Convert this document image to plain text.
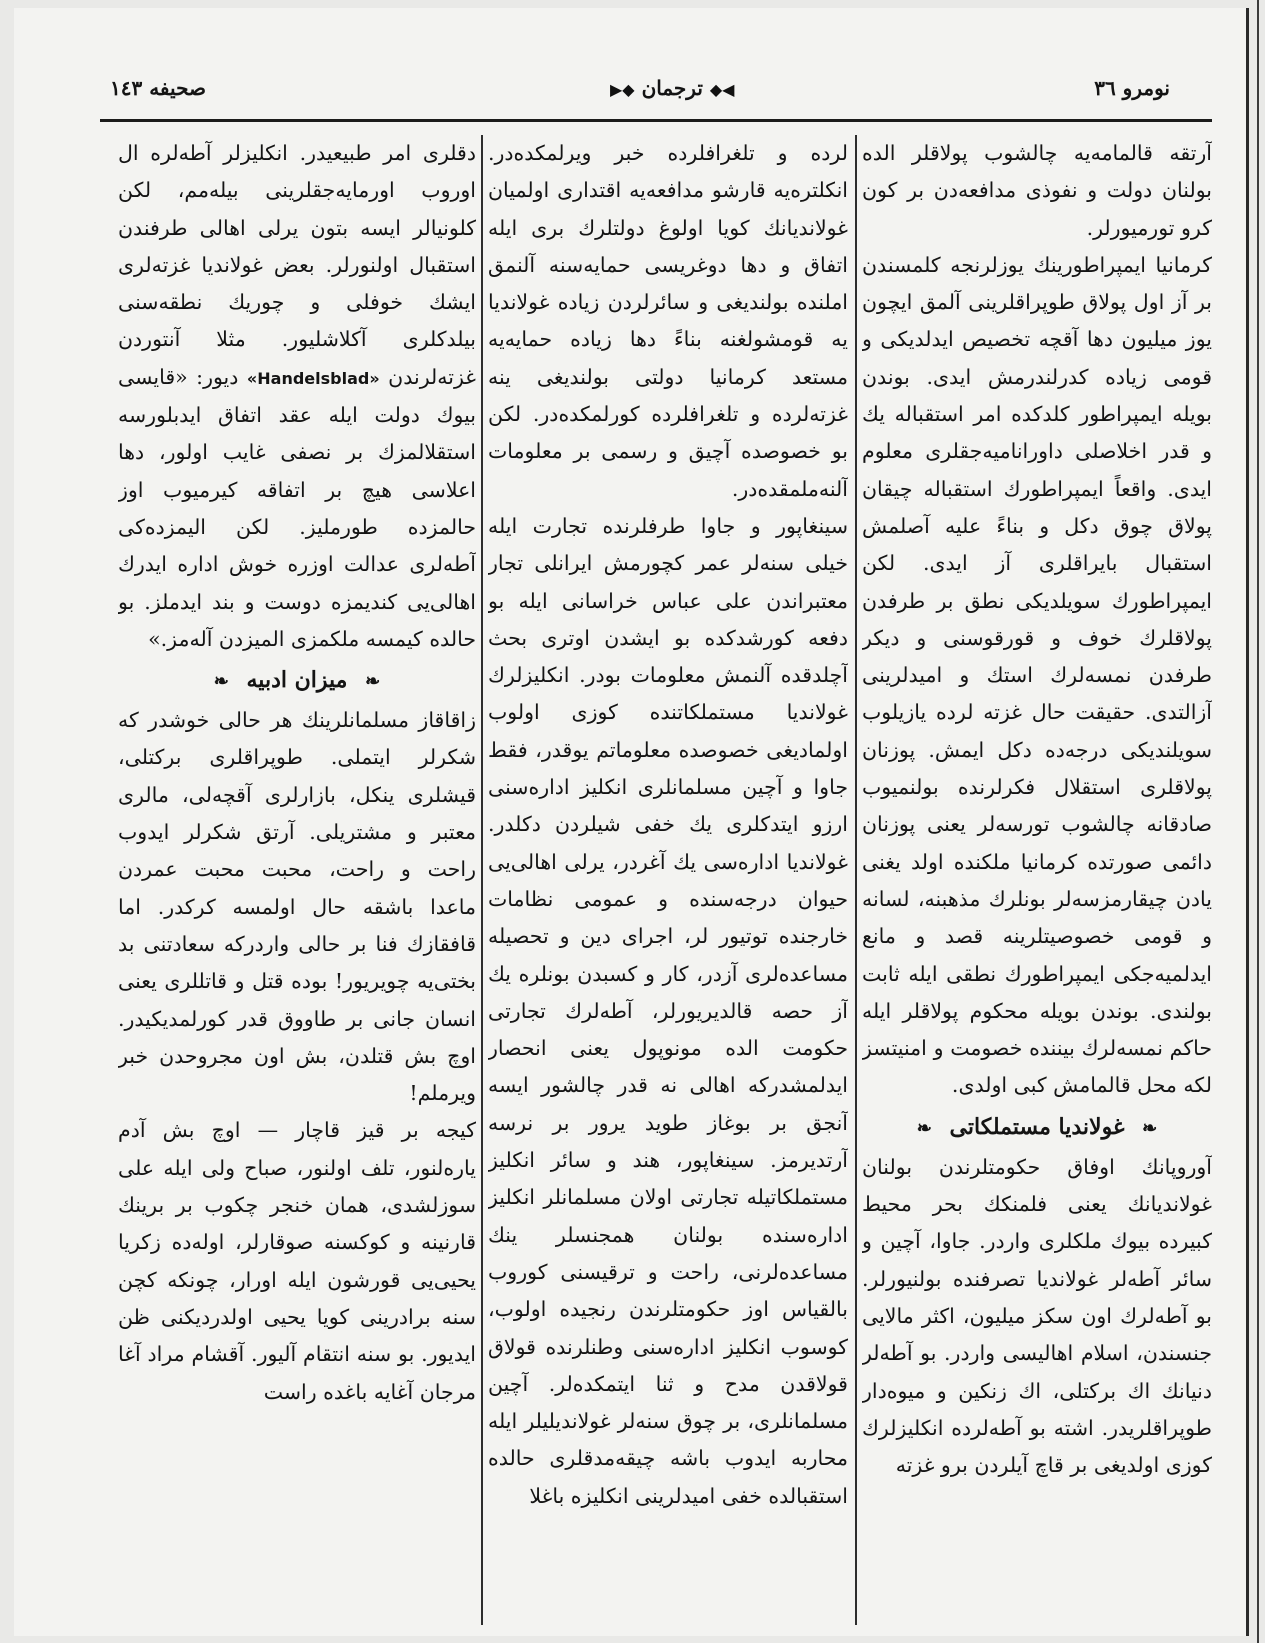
صحيفه ١٤٣	◀◆ ترجمان ◆▶	نومرو ٣٦

آرتقه قالمامه‌يه چالشوب پولاقلر الده بولنان دولت و نفوذى مدافعه‌دن بر كون كرو تورميورلر.

كرمانيا ايمپراطورينك يوزلرنجه كلمسندن بر آز اول پولاق طوپراقلرينى آلمق ايچون يوز ميليون دها آقچه تخصيص ايدلديكى و قومى زياده كدرلندرمش ايدى. بوندن بويله ايمپراطور كلدكده امر استقباله يك و قدر اخلاصلى داوراناميه‌جقلرى معلوم ايدى. واقعاً ايمپراطورك استقباله چيقان پولاق چوق دكل و بناءً عليه آصلمش استقبال بايراقلرى آز ايدى. لكن ايمپراطورك سويلديكى نطق بر طرفدن پولاقلرك خوف و قورقوسنى و ديكر طرفدن نمسه‌لرك استك و اميدلرينى آزالتدى. حقيقت حال غزته لرده يازيلوب سويلنديكى درجه‌ده دكل ايمش. پوزنان پولاقلرى استقلال فكرلرنده بولنميوب صادقانه چالشوب تورسه‌لر يعنى پوزنان دائمى صورتده كرمانيا ملكنده اولد يغنى يادن چيقارمزسه‌لر بونلرك مذهبنه، لسانه و قومى خصوصيتلرينه قصد و مانع ايدلميه‌جكى ايمپراطورك نطقى ايله ثابت بولندى. بوندن بويله محكوم پولاقلر ايله حاكم نمسه‌لرك بيننده خصومت و امنيتسز لكه محل قالمامش كبى اولدى.

❧ غولانديا مستملكاتى ❧

آوروپانك اوفاق حكومتلرندن بولنان غولانديانك يعنى فلمنكك بحر محيط كبيرده بيوك ملكلرى واردر. جاوا، آچين و سائر آطه‌لر غولانديا تصرفنده بولنيورلر. بو آطه‌لرك اون سكز ميليون، اكثر مالايى جنسندن، اسلام اهاليسى واردر. بو آطه‌لر دنيانك اك بركتلى، اك زنكين و ميوه‌دار طوپراقلريدر. اشته بو آطه‌لرده انكليزلرك كوزى اولديغى بر قاچ آيلردن برو غزته

لرده و تلغرافلرده خبر ويرلمكده‌در. انكلتره‌يه قارشو مدافعه‌يه اقتدارى اولميان غولانديانك كويا اولوغ دولتلرك برى ايله اتفاق و دها دوغريسى حمايه‌سنه آلنمق املنده بولنديغى و سائرلردن زياده غولانديا يه قومشولغنه بناءً دها زياده حمايه‌يه مستعد كرمانيا دولتى بولنديغى ينه غزته‌لرده و تلغرافلرده كورلمكده‌در. لكن بو خصوصده آچيق و رسمى بر معلومات آلنه‌ملمقده‌در.

سينغاپور و جاوا طرفلرنده تجارت ايله خيلى سنه‌لر عمر كچورمش ايرانلى تجار معتبراندن على عباس خراسانى ايله بو دفعه كورشدكده بو ايشدن اوترى بحث آچلدقده آلنمش معلومات بودر. انكليزلرك غولانديا مستملكاتنده كوزى اولوب اولماديغى خصوصده معلوماتم يوقدر، فقط جاوا و آچين مسلمانلرى انكليز اداره‌سنى ارزو ايتدكلرى يك خفى شيلردن دكلدر. غولانديا اداره‌سى يك آغردر، يرلى اهالى‌يى حيوان درجه‌سنده و عمومى نظامات خارجنده توتيور لر، اجراى دين و تحصيله مساعده‌لرى آزدر، كار و كسبدن بونلره يك آز حصه قالديريورلر، آطه‌لرك تجارتى حكومت الده مونوپول يعنى انحصار ايدلمشدركه اهالى نه قدر چالشور ايسه آنجق بر بوغاز طويد يرور بر نرسه آرتديرمز. سينغاپور، هند و سائر انكليز مستملكاتيله تجارتى اولان مسلمانلر انكليز اداره‌سنده بولنان همجنسلر ينك مساعده‌لرنى، راحت و ترقيسنى كوروب بالقياس اوز حكومتلرندن رنجيده اولوب، كوسوب انكليز اداره‌سنى وطنلرنده قولاق قولاقدن مدح و ثنا ايتمكده‌لر. آچين مسلمانلرى، بر چوق سنه‌لر غولانديليلر ايله محاربه ايدوب باشه چيقه‌مدقلرى حالده استقبالده خفى اميدلرينى انكليزه باغلا

دقلرى امر طبيعيدر. انكليزلر آطه‌لره ال اوروب اورمايه‌جقلرينى بيله‌مم، لكن كلونيالر ايسه بتون يرلى اهالى طرفندن استقبال اولنورلر. بعض غولانديا غزته‌لرى ايشك خوفلى و چوريك نطقه‌سنى بيلدكلرى آكلاشليور. مثلا آنتوردن غزته‌لرندن «Handelsblad» ديور: «قايسى بيوك دولت ايله عقد اتفاق ايدبلورسه استقلالمزك بر نصفى غايب اولور، دها اعلاسى هيچ بر اتفاقه كيرميوب اوز حالمزده طورمليز. لكن اليمزده‌كى آطه‌لرى عدالت اوزره خوش اداره ايدرك اهالى‌يى كنديمزه دوست و بند ايدملز. بو حالده كيمسه ملكمزى الميزدن آله‌مز.»

❧ ميزان ادبيه ❧

زاقاقاز مسلمانلرينك هر حالى خوشدر كه شكرلر ايتملى. طوپراقلرى بركتلى، قيشلرى ينكل، بازارلرى آقچه‌لى، مالرى معتبر و مشتريلى. آرتق شكرلر ايدوب راحت و راحت، محبت محبت عمردن ماعدا باشقه حال اولمسه كركدر. اما قافقازك فنا بر حالى واردركه سعادتنى بد بختى‌يه چويريور! بوده قتل و قاتللرى يعنى انسان جانى بر طاووق قدر كورلمديكيدر. اوچ بش قتلدن، بش اون مجروحدن خبر ويرملم!

كيجه بر قيز قاچار — اوچ بش آدم يارەلنور، تلف اولنور، صباح ولى ايله على سوزلشدى، همان خنجر چكوب بر برينك قارنينه و كوكسنه صوقارلر، اولەده زكريا يحيى‌يى قورشون ايله اورار، چونكه كچن سنه برادرينى كويا يحيى اولدرديكنى ظن ايديور. بو سنه انتقام آليور. آقشام مراد آغا مرجان آغايه باغده راست
